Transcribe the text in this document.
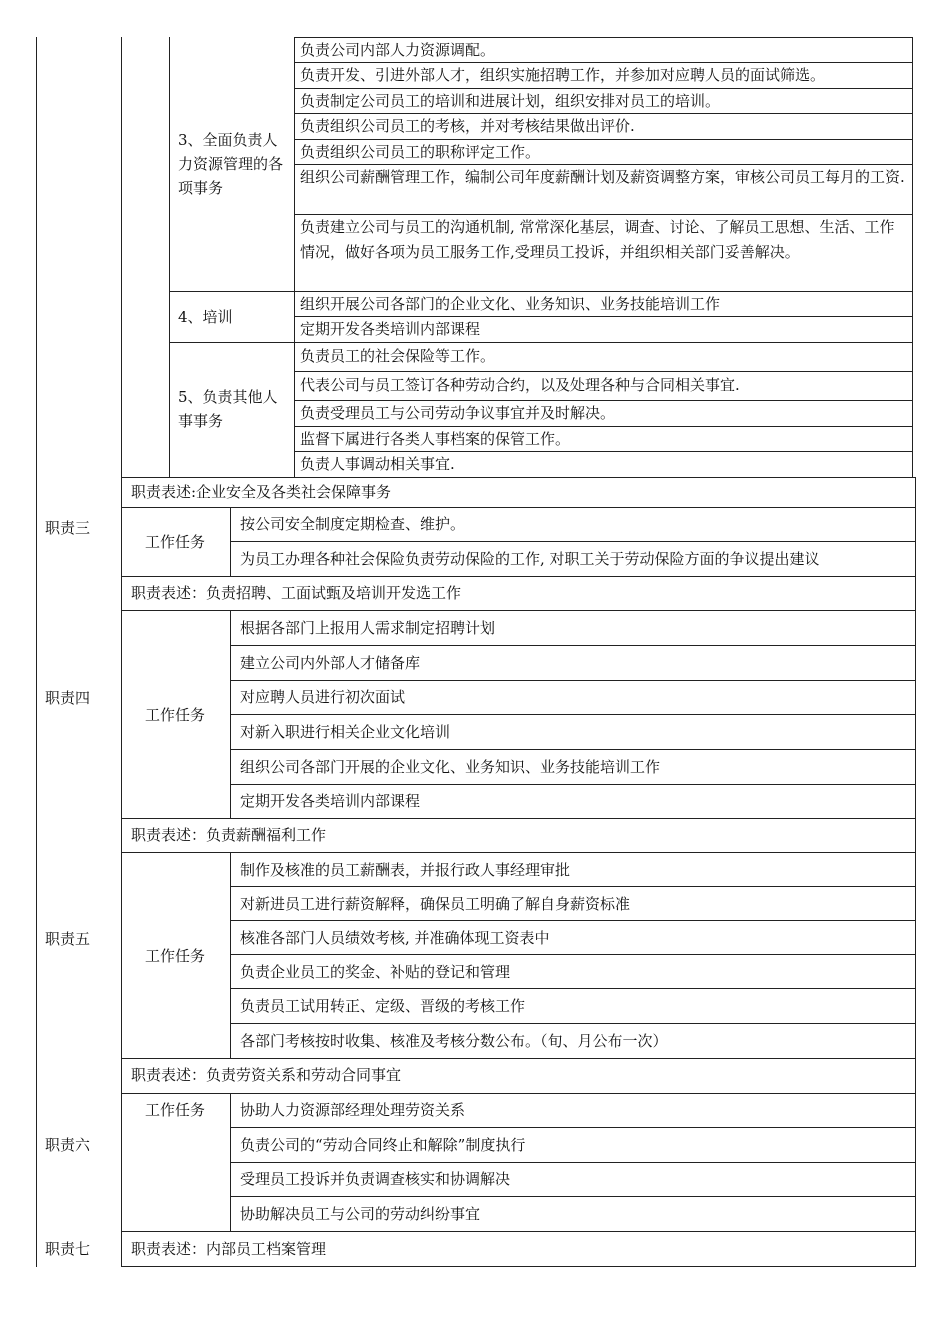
3、全面负责人力资源管理的各项事务
4、培训
5、负责其他人事事务
负责公司内部人力资源调配。
负责开发、引进外部人才，组织实施招聘工作，并参加对应聘人员的面试筛选。
负责制定公司员工的培训和进展计划，组织安排对员工的培训。
负责组织公司员工的考核，并对考核结果做出评价.
负责组织公司员工的职称评定工作。
组织公司薪酬管理工作，编制公司年度薪酬计划及薪资调整方案，审核公司员工每月的工资.
负责建立公司与员工的沟通机制, 常常深化基层，调查、讨论、了解员工思想、生活、工作情况，做好各项为员工服务工作,受理员工投诉，并组织相关部门妥善解决。
组织开展公司各部门的企业文化、业务知识、业务技能培训工作
定期开发各类培训内部课程
负责员工的社会保险等工作。
代表公司与员工签订各种劳动合约，以及处理各种与合同相关事宜.
负责受理员工与公司劳动争议事宜并及时解决。
监督下属进行各类人事档案的保管工作。
负责人事调动相关事宜.
职责三
职责四
职责五
职责六
职责七
职责表述:企业安全及各类社会保障事务
职责表述：负责招聘、工面试甄及培训开发选工作
职责表述：负责薪酬福利工作
职责表述：负责劳资关系和劳动合同事宜
职责表述：内部员工档案管理
工作任务
工作任务
工作任务
工作任务
按公司安全制度定期检查、维护。
为员工办理各种社会保险负责劳动保险的工作, 对职工关于劳动保险方面的争议提出建议
根据各部门上报用人需求制定招聘计划
建立公司内外部人才储备库
对应聘人员进行初次面试
对新入职进行相关企业文化培训
组织公司各部门开展的企业文化、业务知识、业务技能培训工作
定期开发各类培训内部课程
制作及核准的员工薪酬表，并报行政人事经理审批
对新进员工进行薪资解释，确保员工明确了解自身薪资标准
核准各部门人员绩效考核, 并准确体现工资表中
负责企业员工的奖金、补贴的登记和管理
负责员工试用转正、定级、晋级的考核工作
各部门考核按时收集、核准及考核分数公布。（旬、月公布一次）
协助人力资源部经理处理劳资关系
负责公司的“劳动合同终止和解除”制度执行
受理员工投诉并负责调查核实和协调解决
协助解决员工与公司的劳动纠纷事宜
